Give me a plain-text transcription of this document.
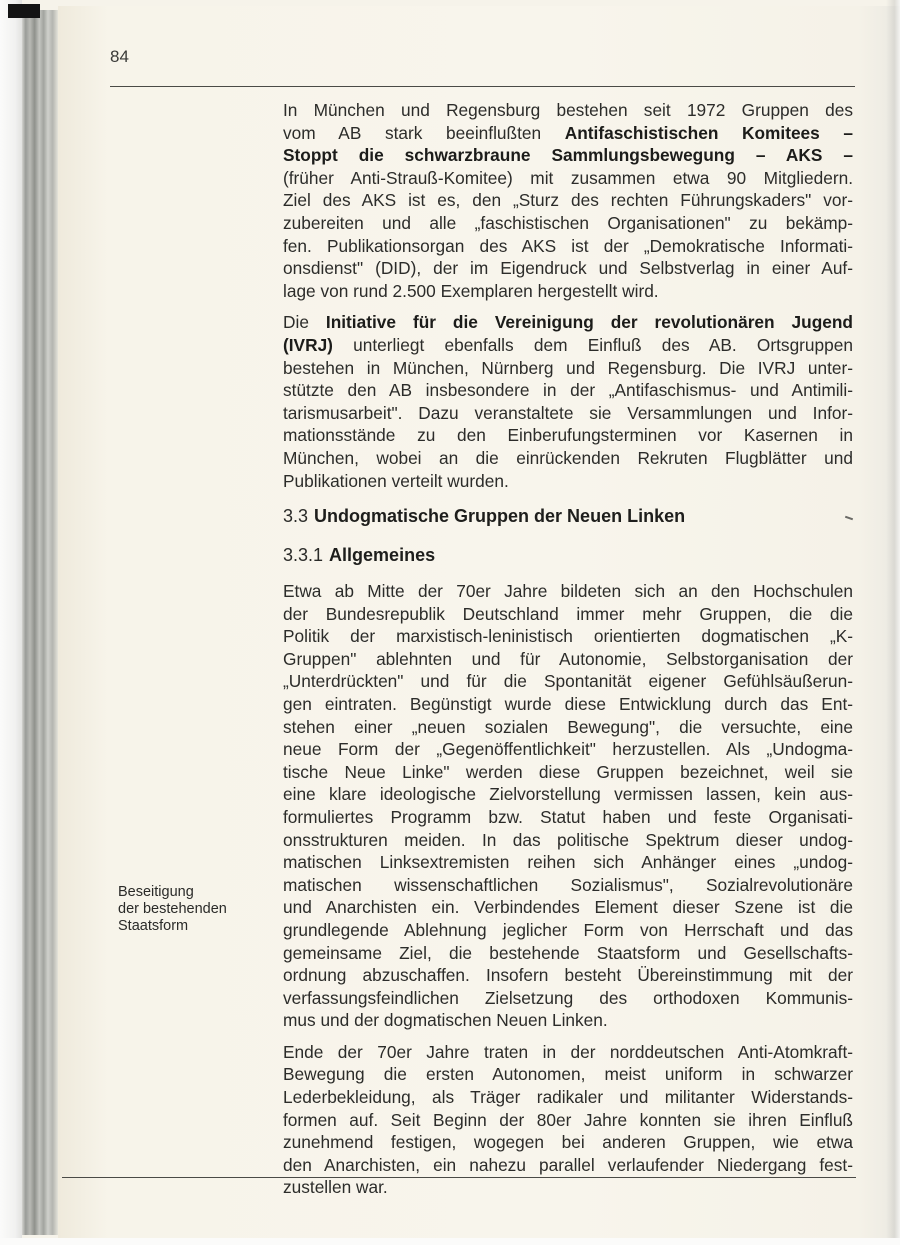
84
In München und Regensburg bestehen seit 1972 Gruppen des
vom AB stark beeinflußten Antifaschistischen Komitees –
Stoppt die schwarzbraune Sammlungsbewegung – AKS –
(früher Anti-Strauß-Komitee) mit zusammen etwa 90 Mitgliedern.
Ziel des AKS ist es, den „Sturz des rechten Führungskaders" vor-
zubereiten und alle „faschistischen Organisationen" zu bekämp-
fen. Publikationsorgan des AKS ist der „Demokratische Informati-
onsdienst" (DID), der im Eigendruck und Selbstverlag in einer Auf-
lage von rund 2.500 Exemplaren hergestellt wird.
Die Initiative für die Vereinigung der revolutionären Jugend
(IVRJ) unterliegt ebenfalls dem Einfluß des AB. Ortsgruppen
bestehen in München, Nürnberg und Regensburg. Die IVRJ unter-
stützte den AB insbesondere in der „Antifaschismus- und Antimili-
tarismusarbeit". Dazu veranstaltete sie Versammlungen und Infor-
mationsstände zu den Einberufungsterminen vor Kasernen in
München, wobei an die einrückenden Rekruten Flugblätter und
Publikationen verteilt wurden.
3.3 Undogmatische Gruppen der Neuen Linken
3.3.1 Allgemeines
Etwa ab Mitte der 70er Jahre bildeten sich an den Hochschulen
der Bundesrepublik Deutschland immer mehr Gruppen, die die
Politik der marxistisch-leninistisch orientierten dogmatischen „K-
Gruppen" ablehnten und für Autonomie, Selbstorganisation der
„Unterdrückten" und für die Spontanität eigener Gefühlsäußerun-
gen eintraten. Begünstigt wurde diese Entwicklung durch das Ent-
stehen einer „neuen sozialen Bewegung", die versuchte, eine
neue Form der „Gegenöffentlichkeit" herzustellen. Als „Undogma-
tische Neue Linke" werden diese Gruppen bezeichnet, weil sie
eine klare ideologische Zielvorstellung vermissen lassen, kein aus-
formuliertes Programm bzw. Statut haben und feste Organisati-
onsstrukturen meiden. In das politische Spektrum dieser undog-
matischen Linksextremisten reihen sich Anhänger eines „undog-
matischen wissenschaftlichen Sozialismus", Sozialrevolutionäre
und Anarchisten ein. Verbindendes Element dieser Szene ist die
grundlegende Ablehnung jeglicher Form von Herrschaft und das
gemeinsame Ziel, die bestehende Staatsform und Gesellschafts-
ordnung abzuschaffen. Insofern besteht Übereinstimmung mit der
verfassungsfeindlichen Zielsetzung des orthodoxen Kommunis-
mus und der dogmatischen Neuen Linken.
Ende der 70er Jahre traten in der norddeutschen Anti-Atomkraft-
Bewegung die ersten Autonomen, meist uniform in schwarzer
Lederbekleidung, als Träger radikaler und militanter Widerstands-
formen auf. Seit Beginn der 80er Jahre konnten sie ihren Einfluß
zunehmend festigen, wogegen bei anderen Gruppen, wie etwa
den Anarchisten, ein nahezu parallel verlaufender Niedergang fest-
zustellen war.
Beseitigung
der bestehenden
Staatsform
